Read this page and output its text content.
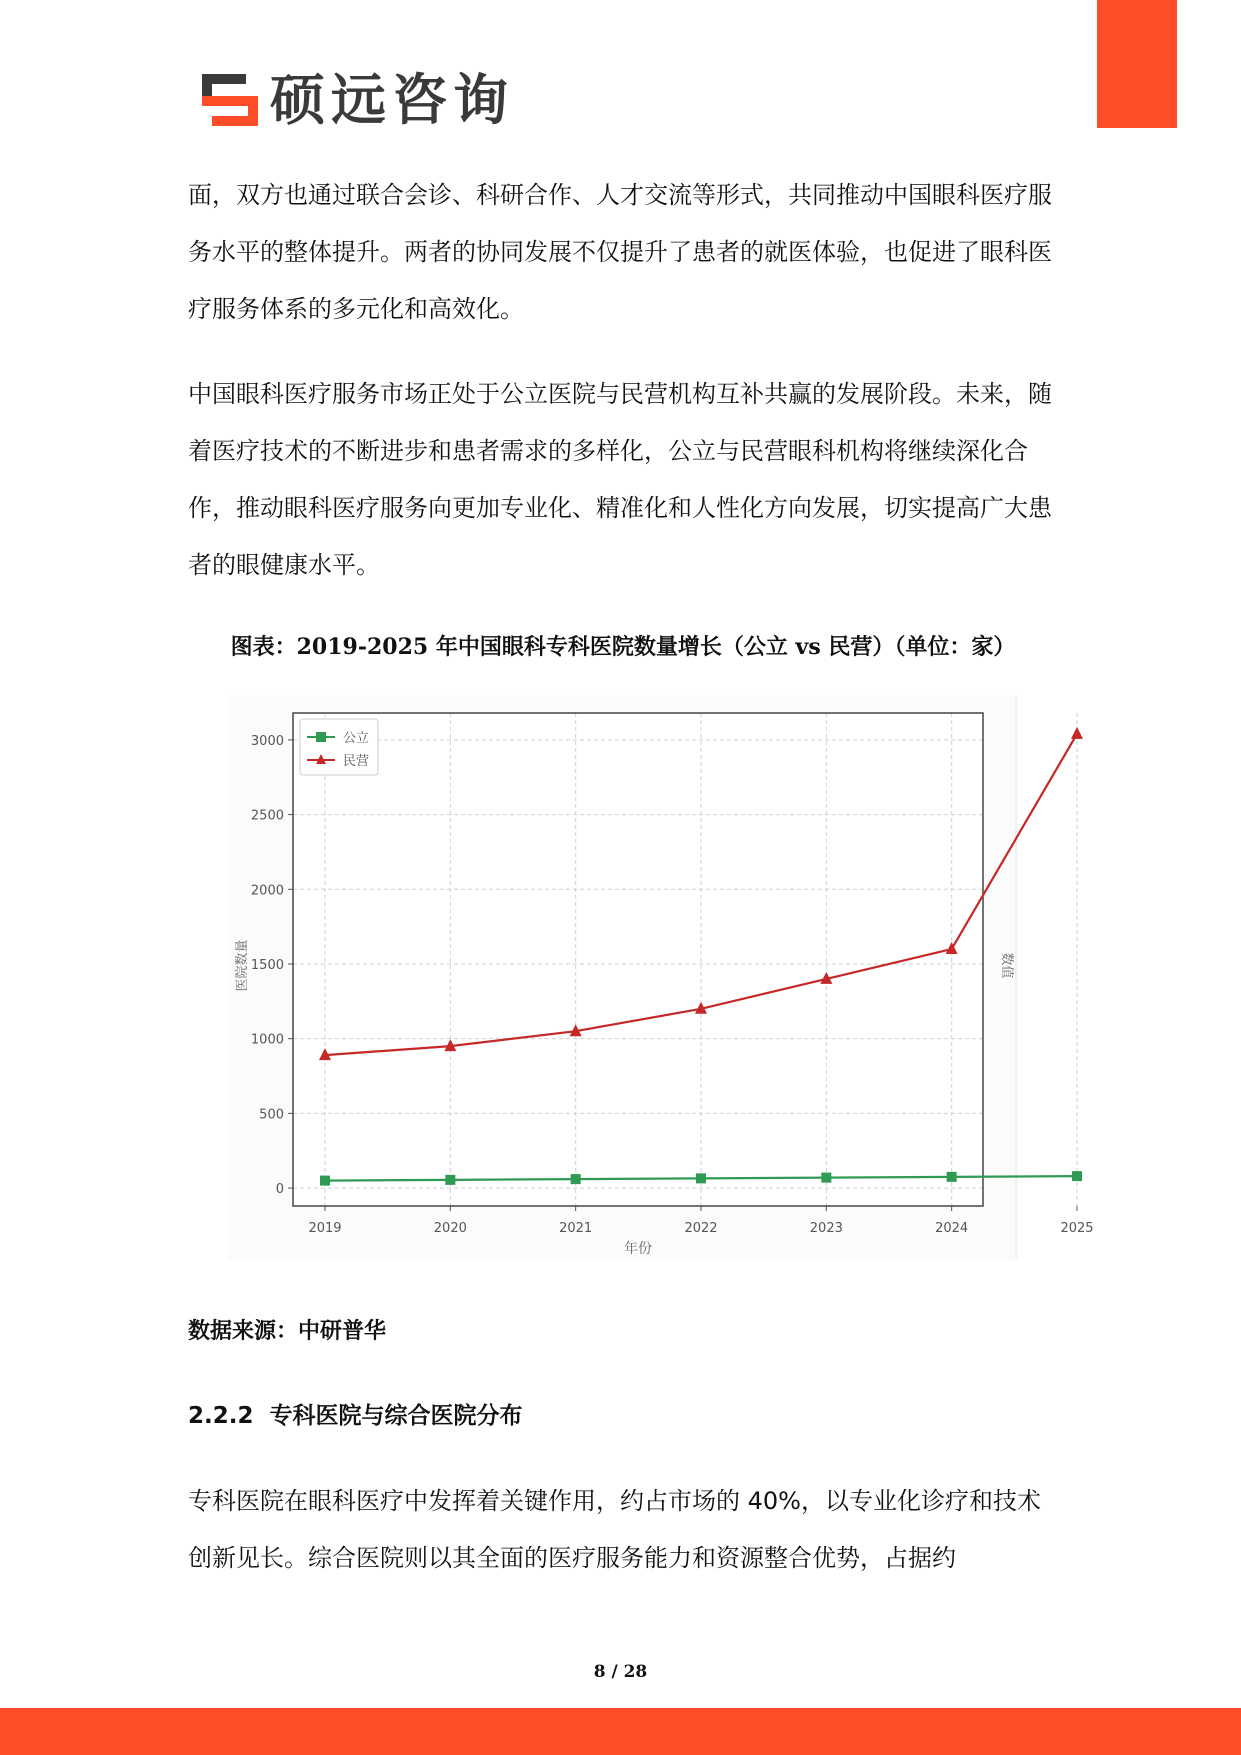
硕远咨询

面，双方也通过联合会诊、科研合作、人才交流等形式，共同推动中国眼科医疗服务水平的整体提升。两者的协同发展不仅提升了患者的就医体验，也促进了眼科医疗服务体系的多元化和高效化。

中国眼科医疗服务市场正处于公立医院与民营机构互补共赢的发展阶段。未来，随着医疗技术的不断进步和患者需求的多样化，公立与民营眼科机构将继续深化合作，推动眼科医疗服务向更加专业化、精准化和人性化方向发展，切实提高广大患者的眼健康水平。

图表：2019-2025 年中国眼科专科医院数量增长（公立 vs 民营）（单位：家）

0
500
1000
1500
2000
2500
3000
2019	2020	2021	2022	2023	2024	2025
年份
医院数量	数值
公立
民营

数据来源：中研普华

2.2.2 专科医院与综合医院分布

专科医院在眼科医疗中发挥着关键作用，约占市场的 40%，以专业化诊疗和技术创新见长。综合医院则以其全面的医疗服务能力和资源整合优势，占据约

8 / 28
